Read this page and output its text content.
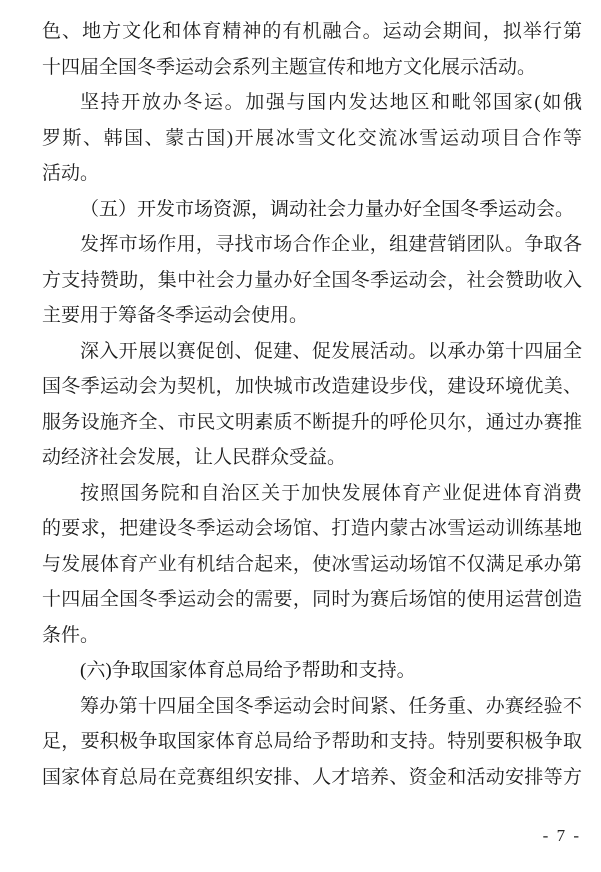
色、地方文化和体育精神的有机融合。运动会期间，拟举行第
十四届全国冬季运动会系列主题宣传和地方文化展示活动。
坚持开放办冬运。加强与国内发达地区和毗邻国家(如俄
罗斯、韩国、蒙古国)开展冰雪文化交流冰雪运动项目合作等
活动。
（五）开发市场资源，调动社会力量办好全国冬季运动会。
发挥市场作用，寻找市场合作企业，组建营销团队。争取各
方支持赞助，集中社会力量办好全国冬季运动会，社会赞助收入
主要用于筹备冬季运动会使用。
深入开展以赛促创、促建、促发展活动。以承办第十四届全
国冬季运动会为契机，加快城市改造建设步伐，建设环境优美、
服务设施齐全、市民文明素质不断提升的呼伦贝尔，通过办赛推
动经济社会发展，让人民群众受益。
按照国务院和自治区关于加快发展体育产业促进体育消费
的要求，把建设冬季运动会场馆、打造内蒙古冰雪运动训练基地
与发展体育产业有机结合起来，使冰雪运动场馆不仅满足承办第
十四届全国冬季运动会的需要，同时为赛后场馆的使用运营创造
条件。
(六)争取国家体育总局给予帮助和支持。
筹办第十四届全国冬季运动会时间紧、任务重、办赛经验不
足，要积极争取国家体育总局给予帮助和支持。特别要积极争取
国家体育总局在竞赛组织安排、人才培养、资金和活动安排等方
- 7 -
